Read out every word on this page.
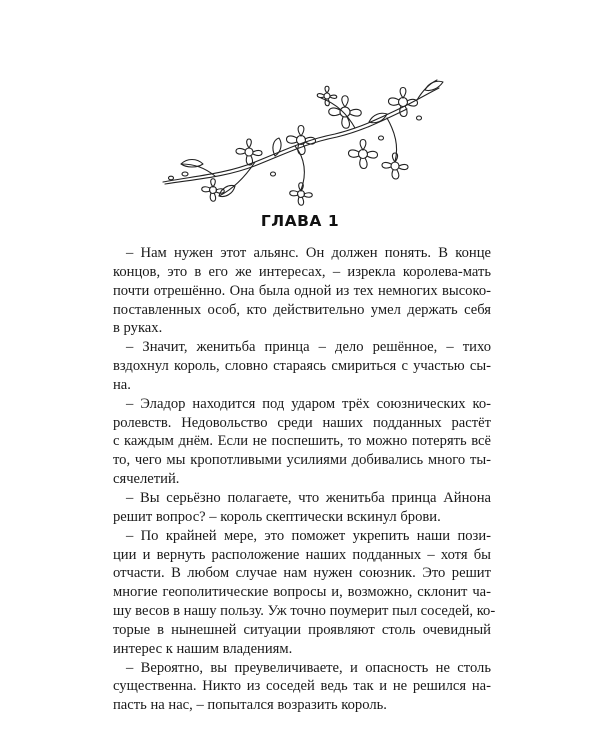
ГЛАВА 1

– Нам нужен этот альянс. Он должен понять. В конце
концов, это в его же интересах, – изрекла королева-мать
почти отрешённо. Она была одной из тех немногих высоко-
поставленных особ, кто действительно умел держать себя
в руках.

– Значит, женитьба принца – дело решённое, – тихо
вздохнул король, словно стараясь смириться с участью сы-
на.

– Элaдор находится под ударом трёх союзнических ко-
ролевств. Недовольство среди наших подданных растёт
с каждым днём. Если не поспешить, то можно потерять всё
то, чего мы кропотливыми усилиями добивались много ты-
сячелетий.

– Вы серьёзно полагаете, что женитьба принца Айнона
решит вопрос? – король скептически вскинул брови.

– По крайней мере, это поможет укрепить наши пози-
ции и вернуть расположение наших подданных – хотя бы
отчасти. В любом случае нам нужен союзник. Это решит
многие геополитические вопросы и, возможно, склонит ча-
шу весов в нашу пользу. Уж точно поумерит пыл соседей, ко-
торые в нынешней ситуации проявляют столь очевидный
интерес к нашим владениям.

– Вероятно, вы преувеличиваете, и опасность не столь
существенна. Никто из соседей ведь так и не решился на-
пасть на нас, – попытался возразить король.
